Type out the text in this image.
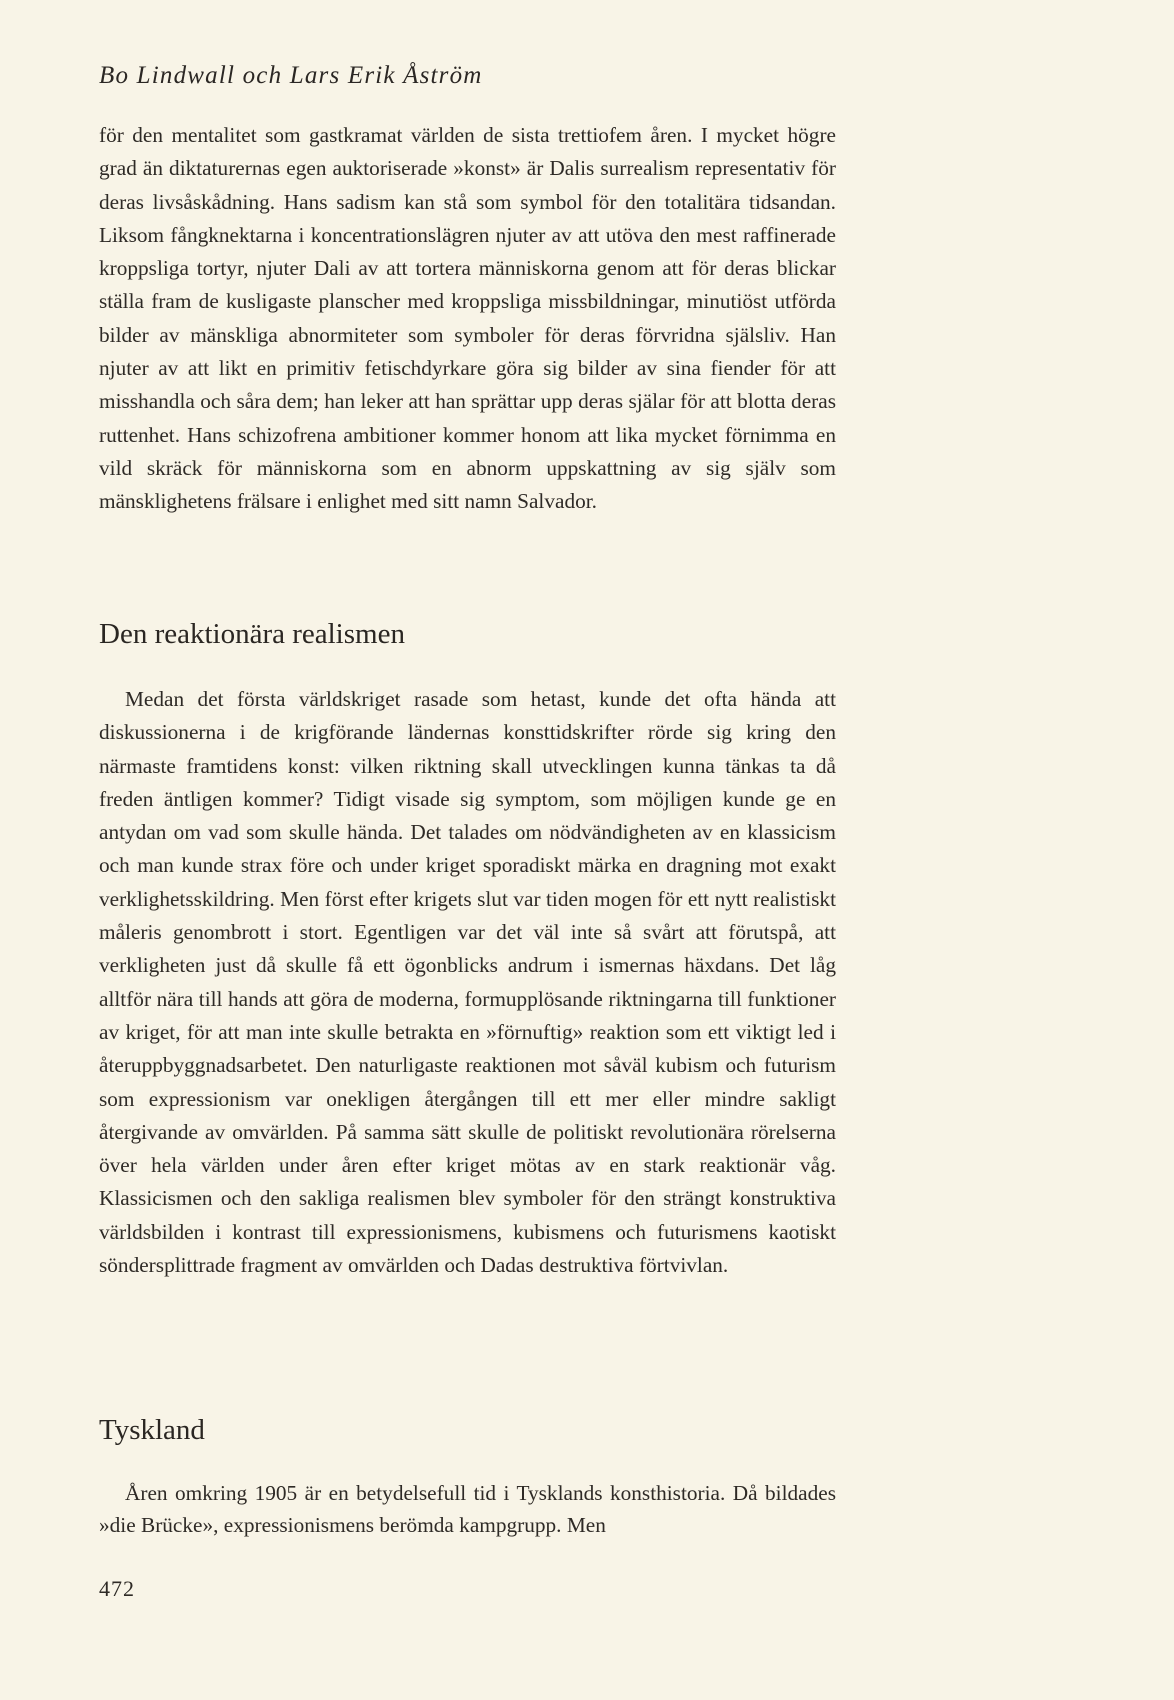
Bo Lindwall och Lars Erik Åström

för den mentalitet som gastkramat världen de sista trettiofem åren. I mycket högre grad än diktaturernas egen auktoriserade »konst» är Dalis surrealism representativ för deras livsåskådning. Hans sadism kan stå som symbol för den totalitära tidsandan. Liksom fångknektarna i koncentrationslägren njuter av att utöva den mest raffinerade kroppsliga tortyr, njuter Dali av att tortera människorna genom att för deras blickar ställa fram de kusligaste planscher med kroppsliga missbildningar, minutiöst utförda bilder av mänskliga abnormiteter som symboler för deras förvridna själsliv. Han njuter av att likt en primitiv fetischdyrkare göra sig bilder av sina fiender för att misshandla och såra dem; han leker att han sprättar upp deras själar för att blotta deras ruttenhet. Hans schizofrena ambitioner kommer honom att lika mycket förnimma en vild skräck för människorna som en abnorm uppskattning av sig själv som mänsklighetens frälsare i enlighet med sitt namn Salvador.

Den reaktionära realismen

Medan det första världskriget rasade som hetast, kunde det ofta hända att diskussionerna i de krigförande ländernas konsttidskrifter rörde sig kring den närmaste framtidens konst: vilken riktning skall utvecklingen kunna tänkas ta då freden äntligen kommer? Tidigt visade sig symptom, som möjligen kunde ge en antydan om vad som skulle hända. Det talades om nödvändigheten av en klassicism och man kunde strax före och under kriget sporadiskt märka en dragning mot exakt verklighetsskildring. Men först efter krigets slut var tiden mogen för ett nytt realistiskt måleris genombrott i stort. Egentligen var det väl inte så svårt att förutspå, att verkligheten just då skulle få ett ögonblicks andrum i ismernas häxdans. Det låg alltför nära till hands att göra de moderna, formupplösande riktningarna till funktioner av kriget, för att man inte skulle betrakta en »förnuftig» reaktion som ett viktigt led i återuppbyggnadsarbetet. Den naturligaste reaktionen mot såväl kubism och futurism som expressionism var onekligen återgången till ett mer eller mindre sakligt återgivande av omvärlden. På samma sätt skulle de politiskt revolutionära rörelserna över hela världen under åren efter kriget mötas av en stark reaktionär våg. Klassicismen och den sakliga realismen blev symboler för den strängt konstruktiva världsbilden i kontrast till expressionismens, kubismens och futurismens kaotiskt söndersplittrade fragment av omvärlden och Dadas destruktiva förtvivlan.

Tyskland

Åren omkring 1905 är en betydelsefull tid i Tysklands konsthistoria. Då bildades »die Brücke», expressionismens berömda kampgrupp. Men

472
